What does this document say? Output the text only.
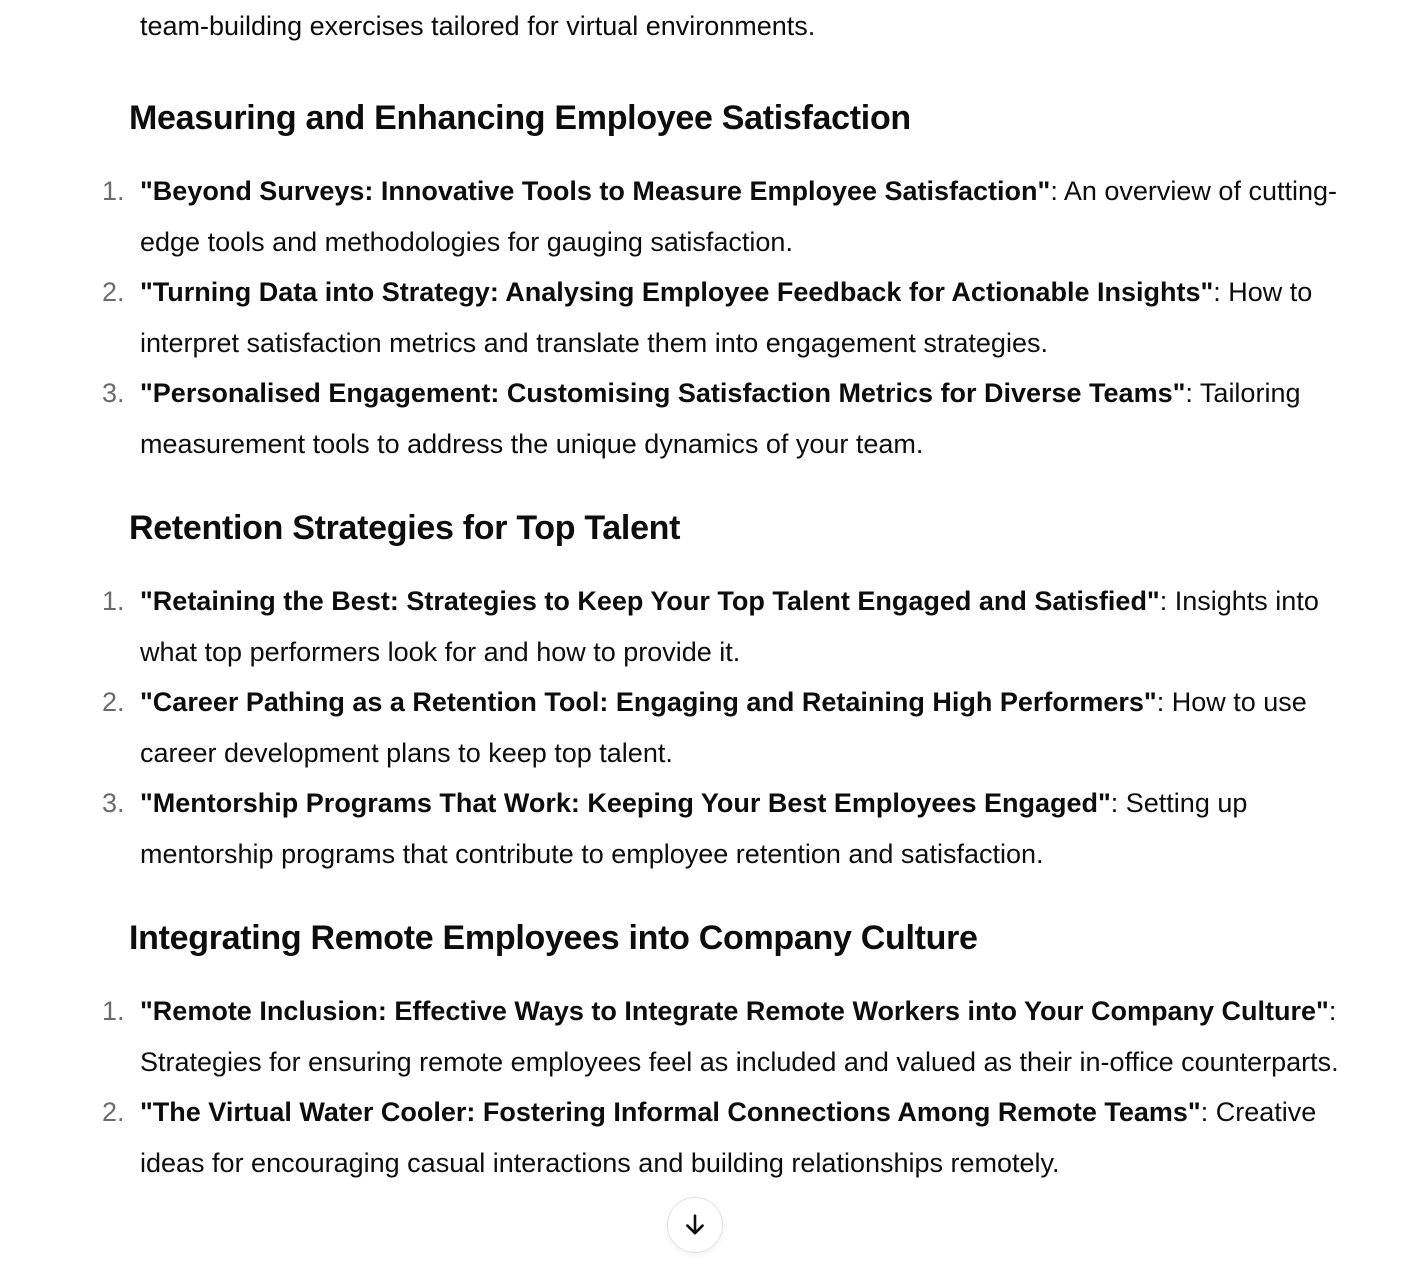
team-building exercises tailored for virtual environments.
Measuring and Enhancing Employee Satisfaction
1. "Beyond Surveys: Innovative Tools to Measure Employee Satisfaction": An overview of cutting-edge tools and methodologies for gauging satisfaction.
2. "Turning Data into Strategy: Analysing Employee Feedback for Actionable Insights": How to interpret satisfaction metrics and translate them into engagement strategies.
3. "Personalised Engagement: Customising Satisfaction Metrics for Diverse Teams": Tailoring measurement tools to address the unique dynamics of your team.
Retention Strategies for Top Talent
1. "Retaining the Best: Strategies to Keep Your Top Talent Engaged and Satisfied": Insights into what top performers look for and how to provide it.
2. "Career Pathing as a Retention Tool: Engaging and Retaining High Performers": How to use career development plans to keep top talent.
3. "Mentorship Programs That Work: Keeping Your Best Employees Engaged": Setting up mentorship programs that contribute to employee retention and satisfaction.
Integrating Remote Employees into Company Culture
1. "Remote Inclusion: Effective Ways to Integrate Remote Workers into Your Company Culture": Strategies for ensuring remote employees feel as included and valued as their in-office counterparts.
2. "The Virtual Water Cooler: Fostering Informal Connections Among Remote Teams": Creative ideas for encouraging casual interactions and building relationships remotely.
